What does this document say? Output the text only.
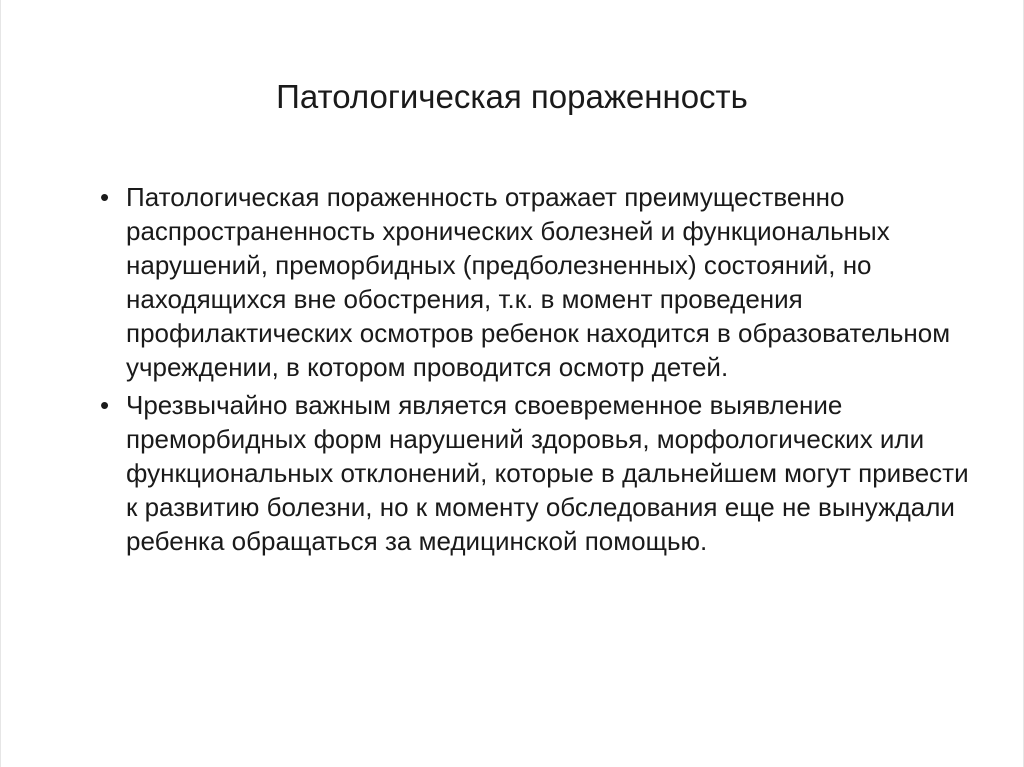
Патологическая пораженность
• Патологическая пораженность отражает преимущественно распространенность хронических болезней и функциональных нарушений, преморбидных (предболезненных) состояний, но находящихся вне обострения, т.к. в момент проведения профилактических осмотров ребенок находится в образовательном учреждении, в котором проводится осмотр детей.
• Чрезвычайно важным является своевременное выявление преморбидных форм нарушений здоровья, морфологических или функциональных отклонений, которые в дальнейшем могут привести к развитию болезни, но к моменту обследования еще не вынуждали ребенка обращаться за медицинской помощью.
